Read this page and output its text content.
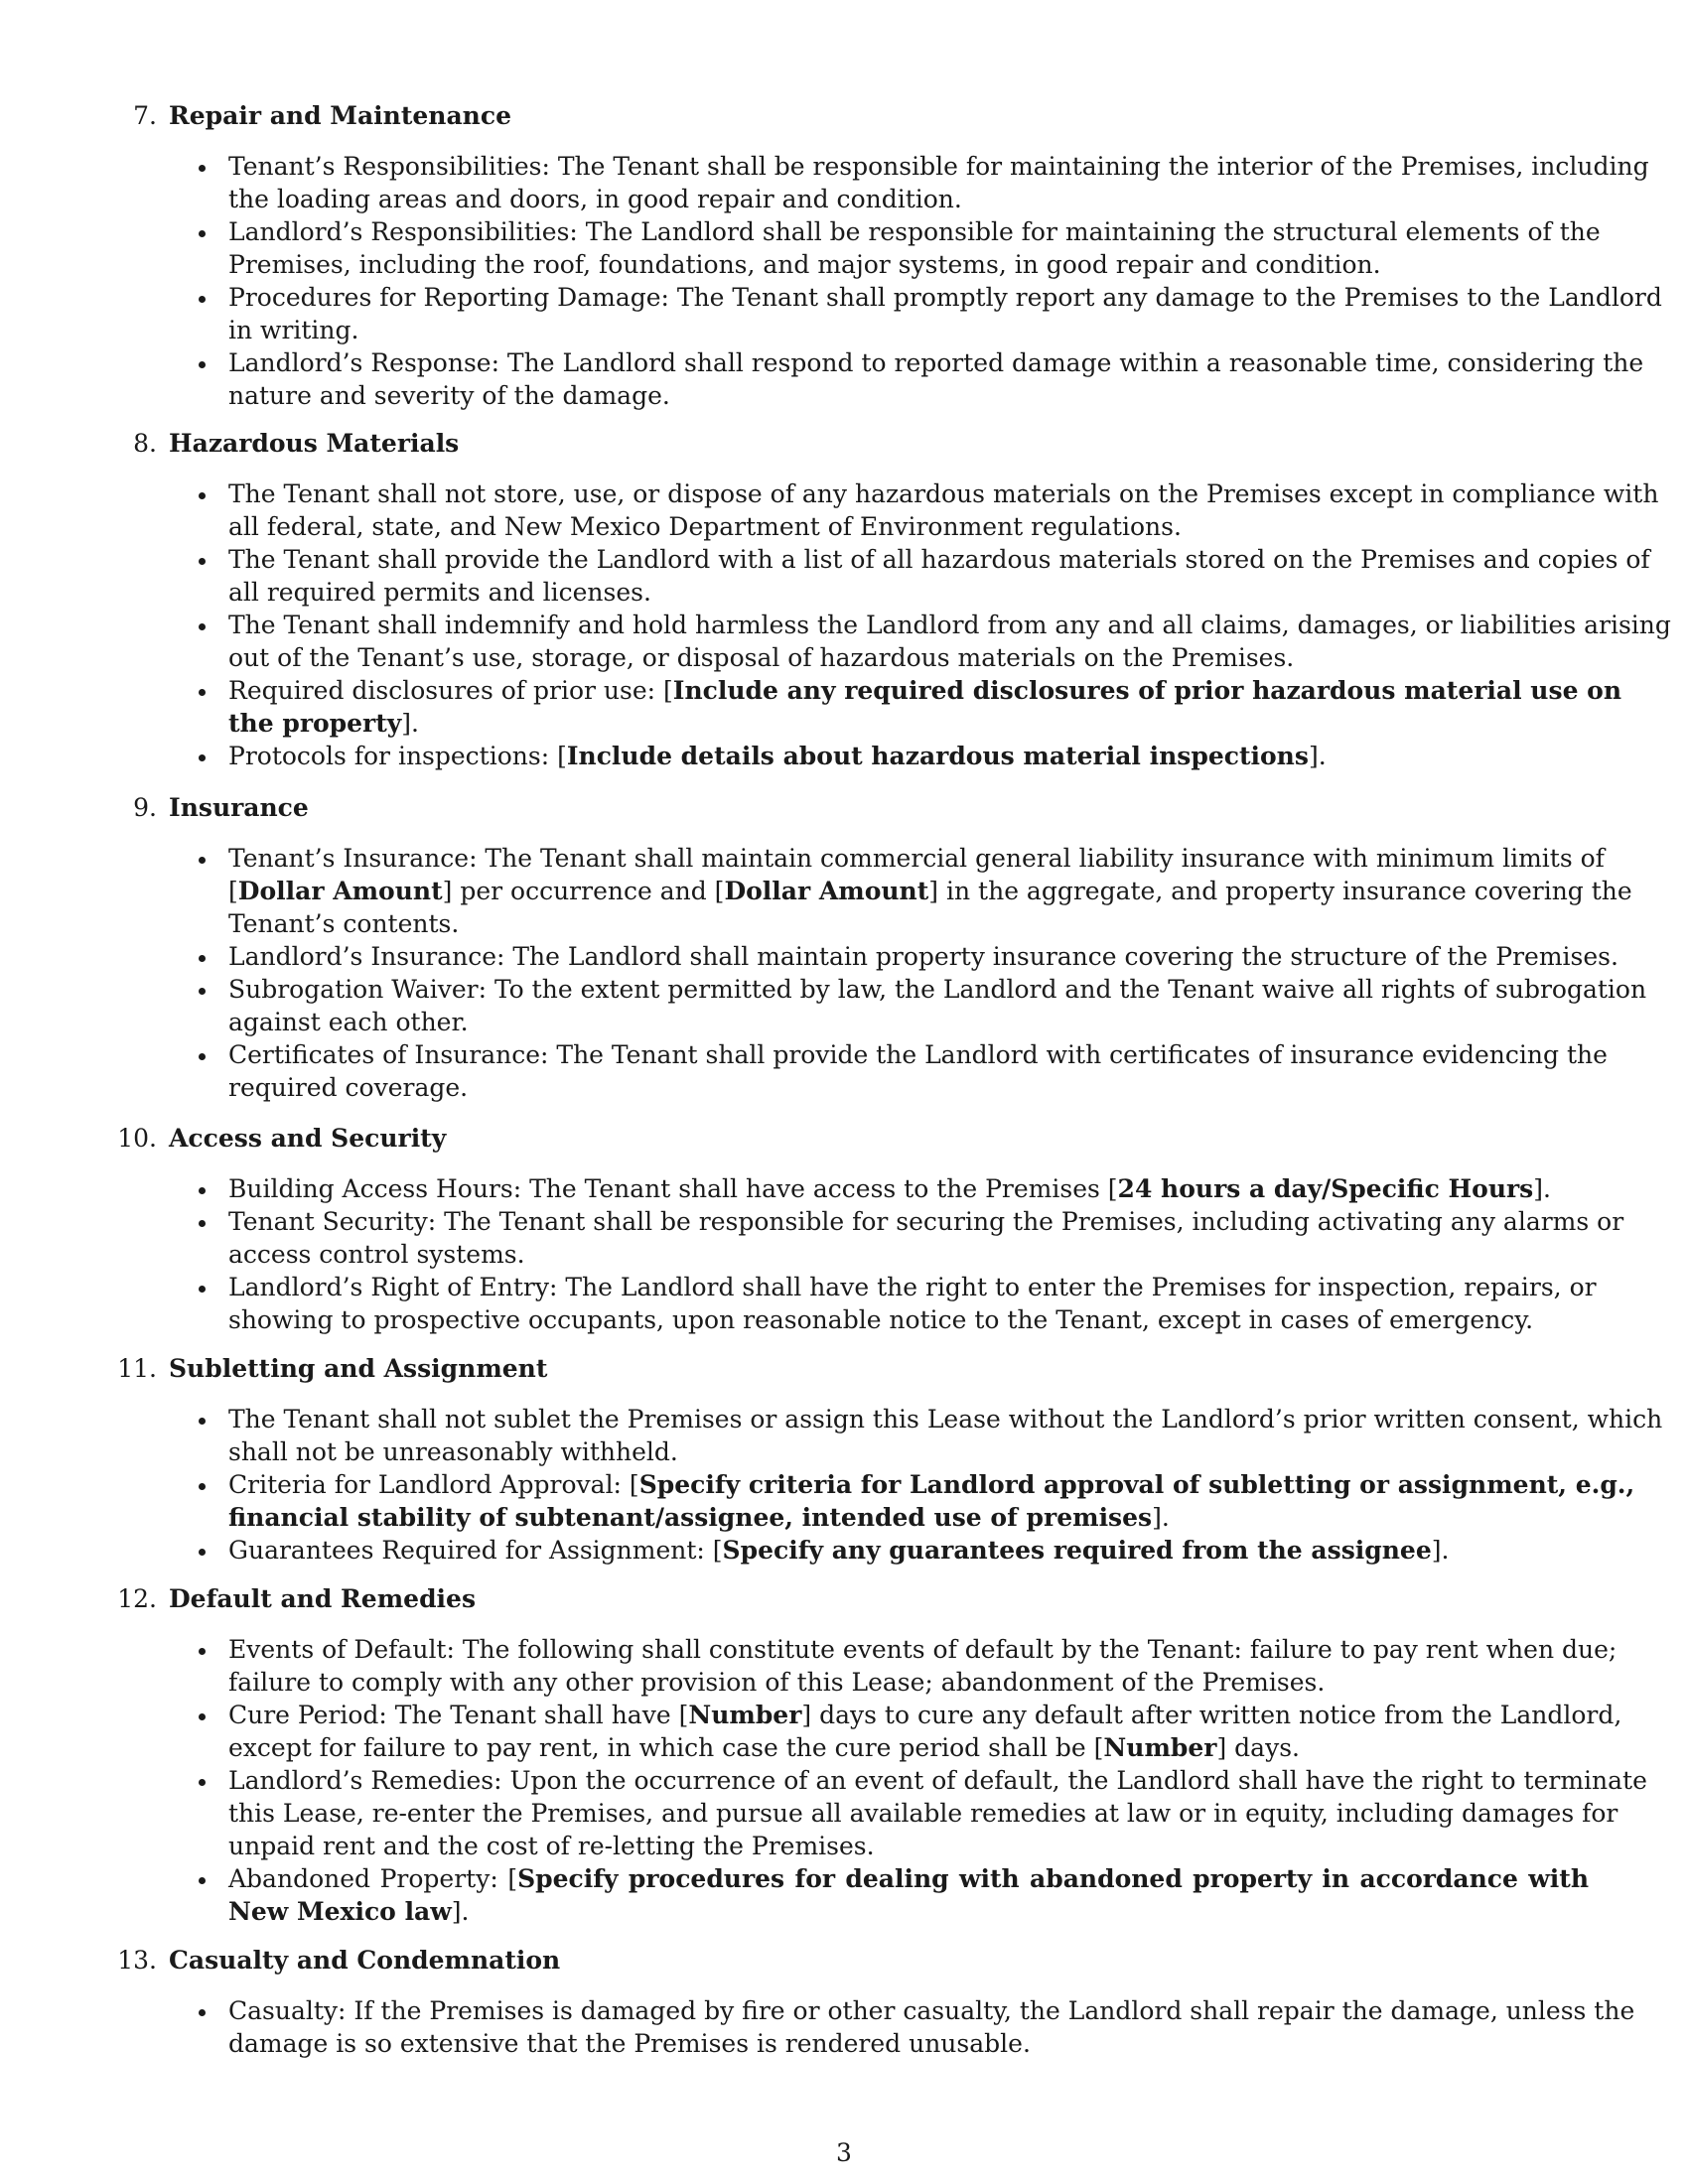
7. Repair and Maintenance
Tenant’s Responsibilities: The Tenant shall be responsible for maintaining the interior of the Premises, including
the loading areas and doors, in good repair and condition.
Landlord’s Responsibilities: The Landlord shall be responsible for maintaining the structural elements of the
Premises, including the roof, foundations, and major systems, in good repair and condition.
Procedures for Reporting Damage: The Tenant shall promptly report any damage to the Premises to the Landlord
in writing.
Landlord’s Response: The Landlord shall respond to reported damage within a reasonable time, considering the
nature and severity of the damage.
8. Hazardous Materials
The Tenant shall not store, use, or dispose of any hazardous materials on the Premises except in compliance with
all federal, state, and New Mexico Department of Environment regulations.
The Tenant shall provide the Landlord with a list of all hazardous materials stored on the Premises and copies of
all required permits and licenses.
The Tenant shall indemnify and hold harmless the Landlord from any and all claims, damages, or liabilities arising
out of the Tenant’s use, storage, or disposal of hazardous materials on the Premises.
Required disclosures of prior use: [Include any required disclosures of prior hazardous material use on
the property].
Protocols for inspections: [Include details about hazardous material inspections].
9. Insurance
Tenant’s Insurance: The Tenant shall maintain commercial general liability insurance with minimum limits of
[Dollar Amount] per occurrence and [Dollar Amount] in the aggregate, and property insurance covering the
Tenant’s contents.
Landlord’s Insurance: The Landlord shall maintain property insurance covering the structure of the Premises.
Subrogation Waiver: To the extent permitted by law, the Landlord and the Tenant waive all rights of subrogation
against each other.
Certificates of Insurance: The Tenant shall provide the Landlord with certificates of insurance evidencing the
required coverage.
10. Access and Security
Building Access Hours: The Tenant shall have access to the Premises [24 hours a day/Specific Hours].
Tenant Security: The Tenant shall be responsible for securing the Premises, including activating any alarms or
access control systems.
Landlord’s Right of Entry: The Landlord shall have the right to enter the Premises for inspection, repairs, or
showing to prospective occupants, upon reasonable notice to the Tenant, except in cases of emergency.
11. Subletting and Assignment
The Tenant shall not sublet the Premises or assign this Lease without the Landlord’s prior written consent, which
shall not be unreasonably withheld.
Criteria for Landlord Approval: [Specify criteria for Landlord approval of subletting or assignment, e.g.,
financial stability of subtenant/assignee, intended use of premises].
Guarantees Required for Assignment: [Specify any guarantees required from the assignee].
12. Default and Remedies
Events of Default: The following shall constitute events of default by the Tenant: failure to pay rent when due;
failure to comply with any other provision of this Lease; abandonment of the Premises.
Cure Period: The Tenant shall have [Number] days to cure any default after written notice from the Landlord,
except for failure to pay rent, in which case the cure period shall be [Number] days.
Landlord’s Remedies: Upon the occurrence of an event of default, the Landlord shall have the right to terminate
this Lease, re-enter the Premises, and pursue all available remedies at law or in equity, including damages for
unpaid rent and the cost of re-letting the Premises.
Abandoned Property: [Specify procedures for dealing with abandoned property in accordance with
New Mexico law].
13. Casualty and Condemnation
Casualty: If the Premises is damaged by fire or other casualty, the Landlord shall repair the damage, unless the
damage is so extensive that the Premises is rendered unusable.
3
